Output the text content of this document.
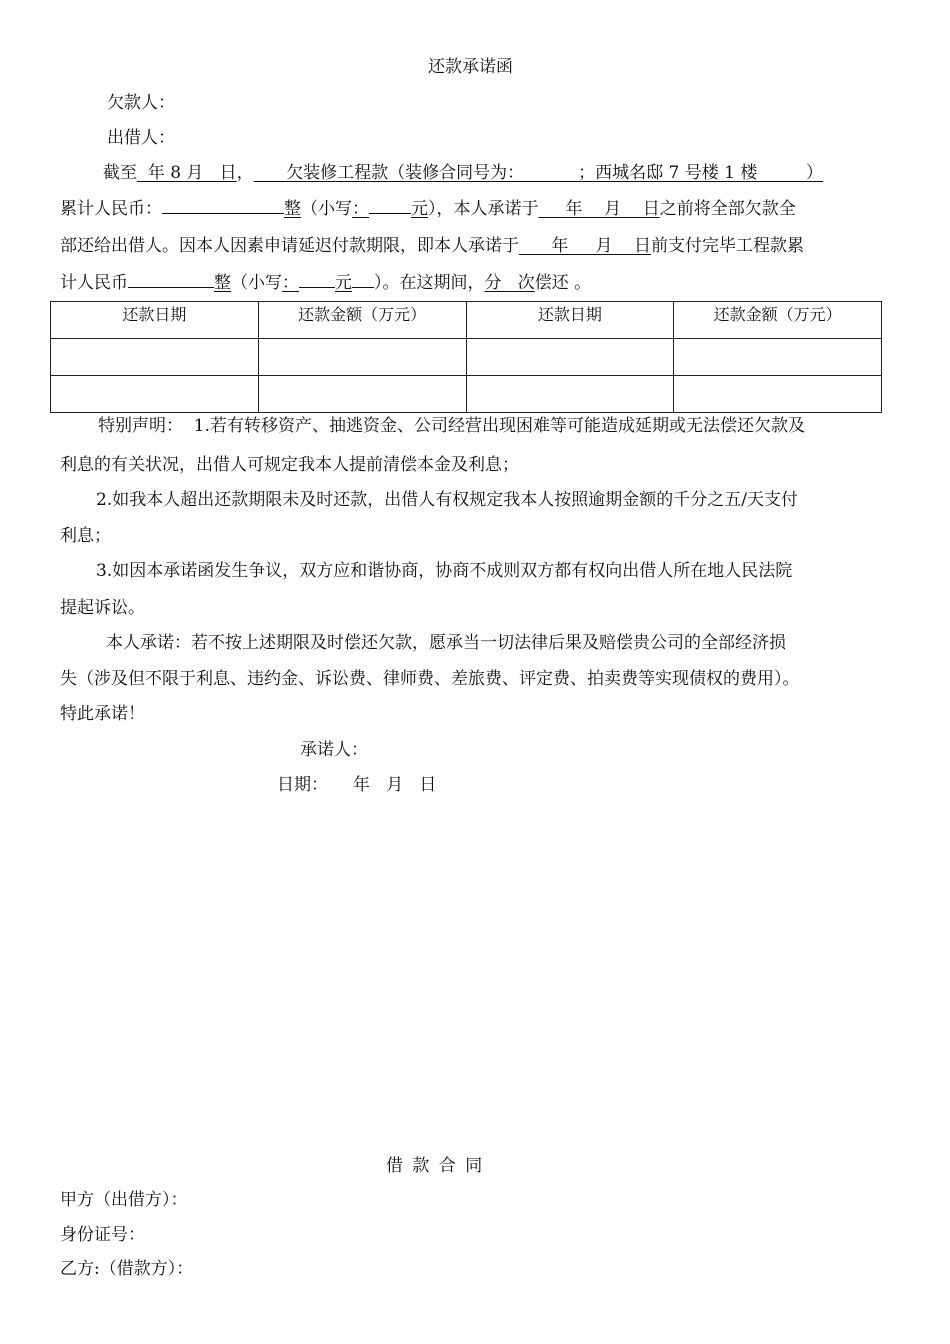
还款承诺函
欠款人：
出借人：
截至  年 8 月   日，      欠装修工程款（装修合同号为：          ；西城名邸 7 号楼 1 楼         ）
累计人民币：	整（小写： 元），本人承诺于     年    月    日之前将全部欠款全
部还给出借人。因本人因素申请延迟付款期限，即本人承诺于      年     月    日前支付完毕工程款累
计人民币	整（小写： 元 ）。在这期间，分   次偿还 。
还款日期	还款金额（万元）	还款日期	还款金额（万元）

特别声明：  1.若有转移资产、抽逃资金、公司经营出现困难等可能造成延期或无法偿还欠款及
利息的有关状况，出借人可规定我本人提前清偿本金及利息；
2.如我本人超出还款期限未及时还款，出借人有权规定我本人按照逾期金额的千分之五/天支付
利息；
3.如因本承诺函发生争议，双方应和谐协商，协商不成则双方都有权向出借人所在地人民法院
提起诉讼。
本人承诺：若不按上述期限及时偿还欠款，愿承当一切法律后果及赔偿贵公司的全部经济损
失（涉及但不限于利息、违约金、诉讼费、律师费、差旅费、评定费、拍卖费等实现债权的费用）。
特此承诺！
承诺人：
日期： 年   月   日
借 款 合 同
甲方（出借方）：
身份证号：
乙方:（借款方）：
